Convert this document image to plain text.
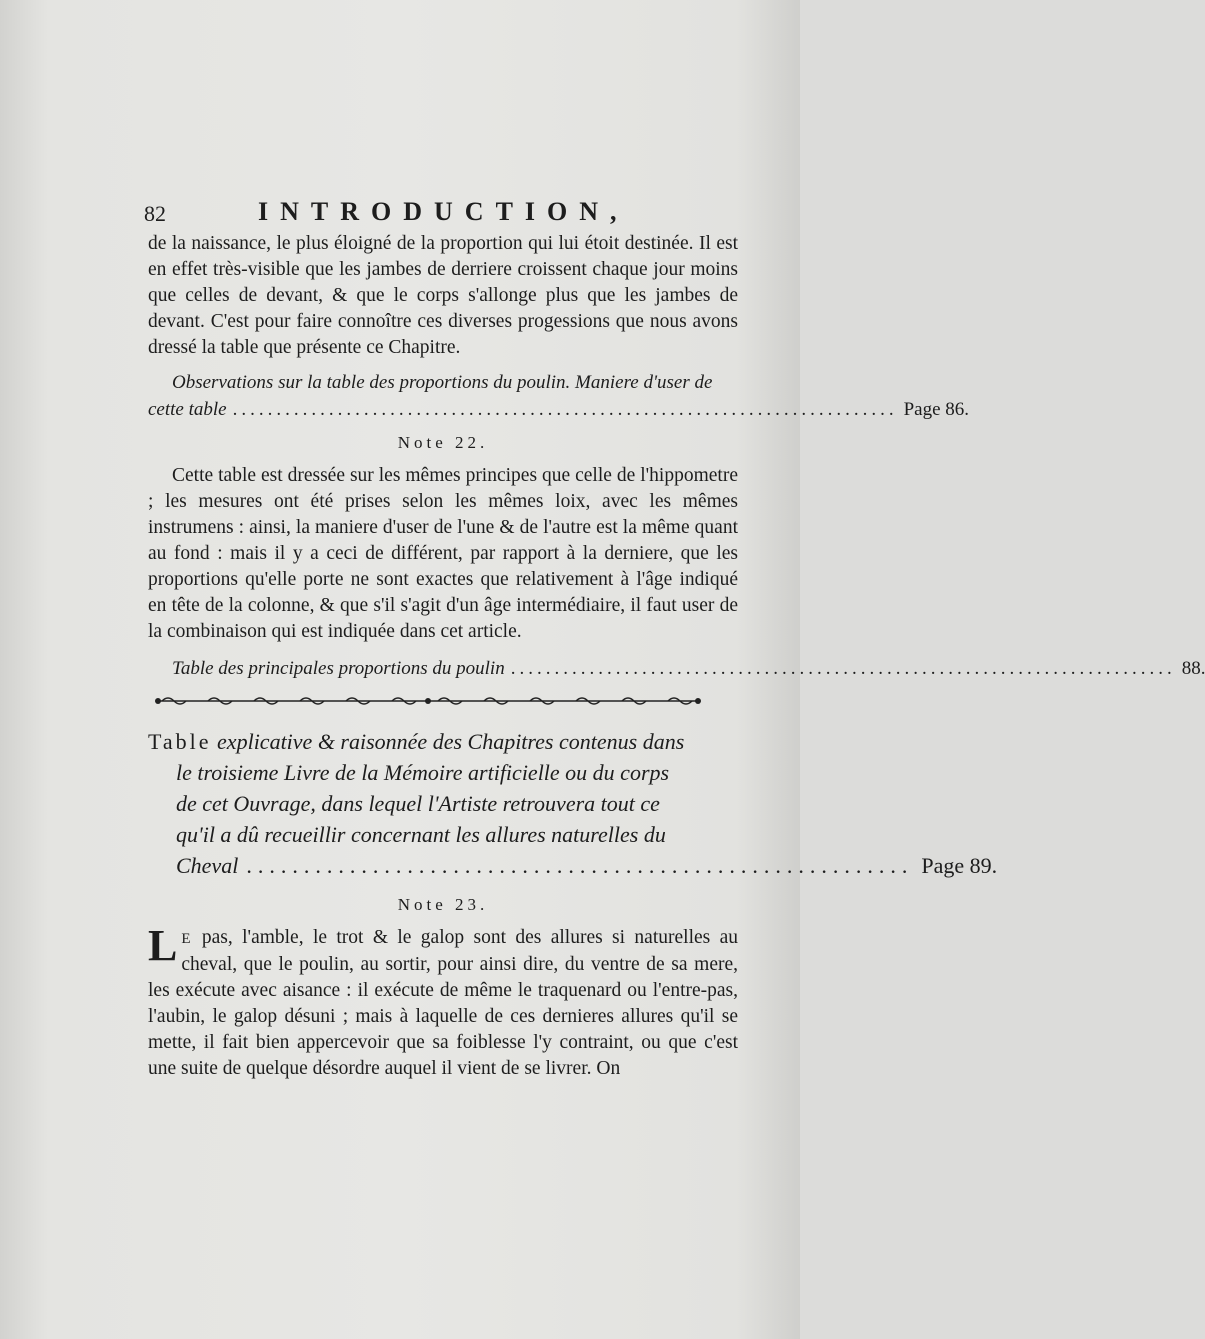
82	INTRODUCTION,

de la naissance, le plus éloigné de la proportion qui lui étoit destinée. Il est en effet très-visible que les jambes de derriere croissent chaque jour moins que celles de devant, & que le corps s'allonge plus que les jambes de devant. C'est pour faire connoître ces diverses progessions que nous avons dressé la table que présente ce Chapitre.

Observations sur la table des proportions du poulin. Maniere d'user de

cette table ............................................................................ Page 86.
Note 22.

Cette table est dressée sur les mêmes principes que celle de l'hippometre ; les mesures ont été prises selon les mêmes loix, avec les mêmes instrumens : ainsi, la maniere d'user de l'une & de l'autre est la même quant au fond : mais il y a ceci de différent, par rapport à la derniere, que les proportions qu'elle porte ne sont exactes que relativement à l'âge indiqué en tête de la colonne, & que s'il s'agit d'un âge intermédiaire, il faut user de la combinaison qui est indiquée dans cet article.

Table des principales proportions du poulin ............................................................................ 88.
Table explicative & raisonnée des Chapitres contenus dans
le troisieme Livre de la Mémoire artificielle ou du corps
de cet Ouvrage, dans lequel l'Artiste retrouvera tout ce
qu'il a dû recueillir concernant les allures naturelles du
Cheval .......................................................... Page 89.
Note 23.

L E pas, l'amble, le trot & le galop sont des allures si naturelles au cheval, que le poulin, au sortir, pour ainsi dire, du ventre de sa mere, les exécute avec aisance : il exécute de même le traquenard ou l'entre-pas, l'aubin, le galop désuni ; mais à laquelle de ces dernieres allures qu'il se mette, il fait bien appercevoir que sa foiblesse l'y contraint, ou que c'est une suite de quelque désordre auquel il vient de se livrer. On
